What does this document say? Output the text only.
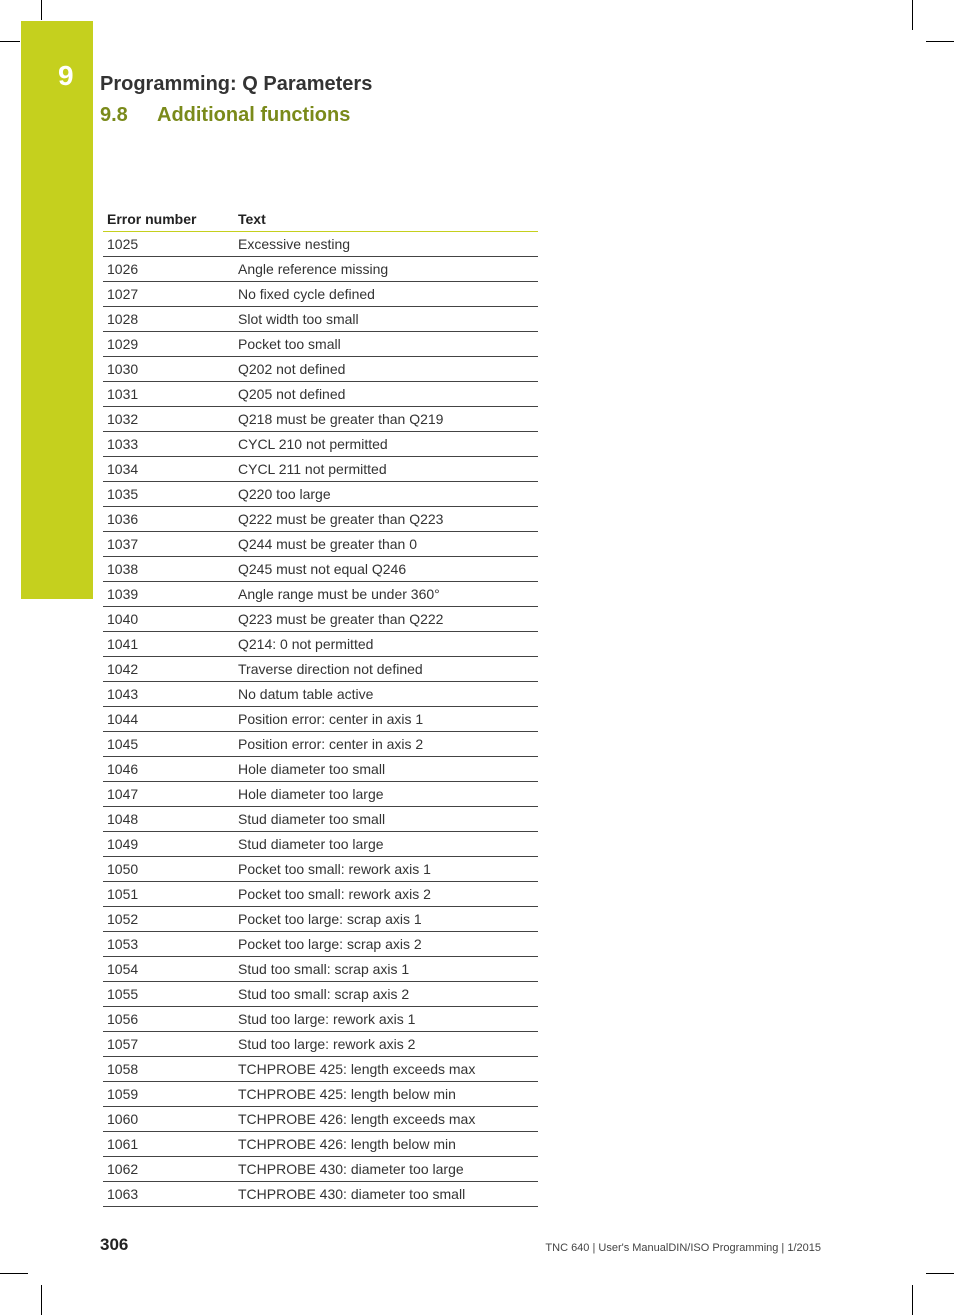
9 Programming: Q Parameters
9.8 Additional functions
Error number	Text
1025	Excessive nesting
1026	Angle reference missing
1027	No fixed cycle defined
1028	Slot width too small
1029	Pocket too small
1030	Q202 not defined
1031	Q205 not defined
1032	Q218 must be greater than Q219
1033	CYCL 210 not permitted
1034	CYCL 211 not permitted
1035	Q220 too large
1036	Q222 must be greater than Q223
1037	Q244 must be greater than 0
1038	Q245 must not equal Q246
1039	Angle range must be under 360°
1040	Q223 must be greater than Q222
1041	Q214: 0 not permitted
1042	Traverse direction not defined
1043	No datum table active
1044	Position error: center in axis 1
1045	Position error: center in axis 2
1046	Hole diameter too small
1047	Hole diameter too large
1048	Stud diameter too small
1049	Stud diameter too large
1050	Pocket too small: rework axis 1
1051	Pocket too small: rework axis 2
1052	Pocket too large: scrap axis 1
1053	Pocket too large: scrap axis 2
1054	Stud too small: scrap axis 1
1055	Stud too small: scrap axis 2
1056	Stud too large: rework axis 1
1057	Stud too large: rework axis 2
1058	TCHPROBE 425: length exceeds max
1059	TCHPROBE 425: length below min
1060	TCHPROBE 426: length exceeds max
1061	TCHPROBE 426: length below min
1062	TCHPROBE 430: diameter too large
1063	TCHPROBE 430: diameter too small
306	TNC 640 | User's ManualDIN/ISO Programming | 1/2015
